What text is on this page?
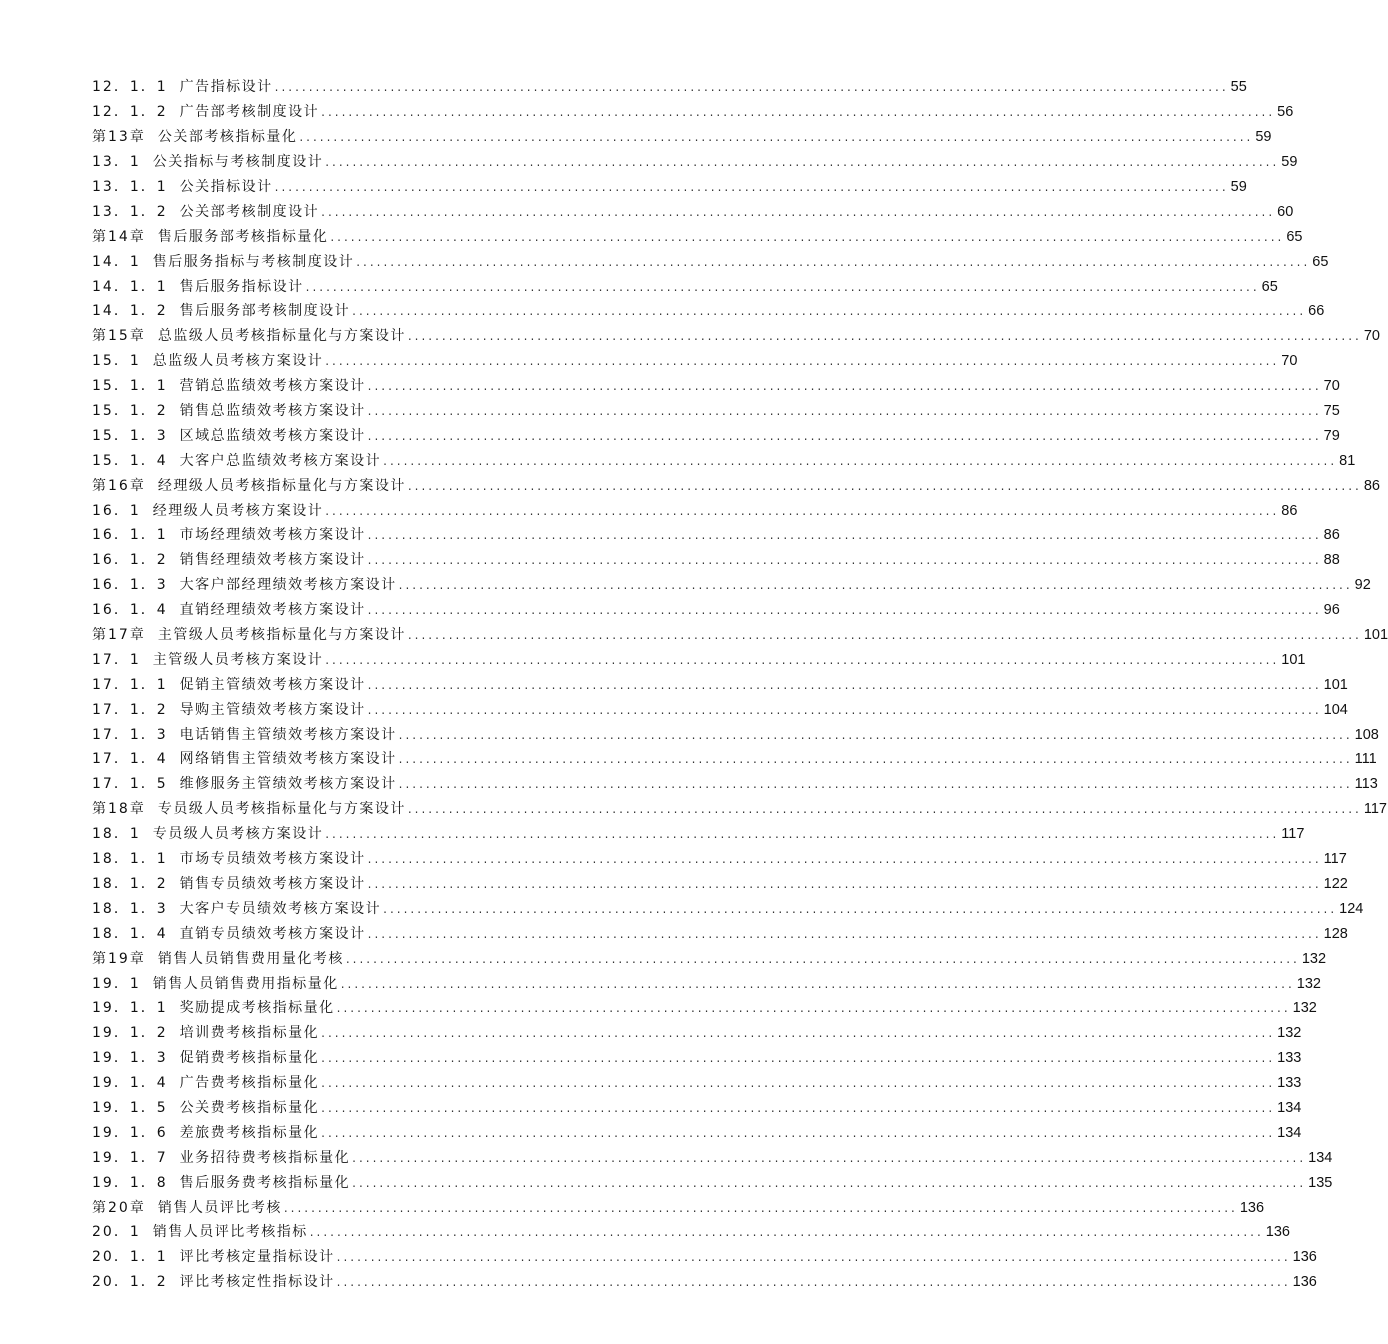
12．1．1 广告指标设计 ............................................................................................................................................ 55
12．1．2 广告部考核制度设计 ............................................................................................................................................ 56
第13章 公关部考核指标量化 ............................................................................................................................................ 59
13．1 公关指标与考核制度设计 ............................................................................................................................................ 59
13．1．1 公关指标设计 ............................................................................................................................................ 59
13．1．2 公关部考核制度设计 ............................................................................................................................................ 60
第14章 售后服务部考核指标量化 ............................................................................................................................................ 65
14．1 售后服务指标与考核制度设计 ............................................................................................................................................ 65
14．1．1 售后服务指标设计 ............................................................................................................................................ 65
14．1．2 售后服务部考核制度设计 ............................................................................................................................................ 66
第15章 总监级人员考核指标量化与方案设计 ............................................................................................................................................ 70
15．1 总监级人员考核方案设计 ............................................................................................................................................ 70
15．1．1 营销总监绩效考核方案设计 ............................................................................................................................................ 70
15．1．2 销售总监绩效考核方案设计 ............................................................................................................................................ 75
15．1．3 区域总监绩效考核方案设计 ............................................................................................................................................ 79
15．1．4 大客户总监绩效考核方案设计 ............................................................................................................................................ 81
第16章 经理级人员考核指标量化与方案设计 ............................................................................................................................................ 86
16．1 经理级人员考核方案设计 ............................................................................................................................................ 86
16．1．1 市场经理绩效考核方案设计 ............................................................................................................................................ 86
16．1．2 销售经理绩效考核方案设计 ............................................................................................................................................ 88
16．1．3 大客户部经理绩效考核方案设计 ............................................................................................................................................ 92
16．1．4 直销经理绩效考核方案设计 ............................................................................................................................................ 96
第17章 主管级人员考核指标量化与方案设计 ............................................................................................................................................ 101
17．1 主管级人员考核方案设计 ............................................................................................................................................ 101
17．1．1 促销主管绩效考核方案设计 ............................................................................................................................................ 101
17．1．2 导购主管绩效考核方案设计 ............................................................................................................................................ 104
17．1．3 电话销售主管绩效考核方案设计 ............................................................................................................................................ 108
17．1．4 网络销售主管绩效考核方案设计 ............................................................................................................................................ 111
17．1．5 维修服务主管绩效考核方案设计 ............................................................................................................................................ 113
第18章 专员级人员考核指标量化与方案设计 ............................................................................................................................................ 117
18．1 专员级人员考核方案设计 ............................................................................................................................................ 117
18．1．1 市场专员绩效考核方案设计 ............................................................................................................................................ 117
18．1．2 销售专员绩效考核方案设计 ............................................................................................................................................ 122
18．1．3 大客户专员绩效考核方案设计 ............................................................................................................................................ 124
18．1．4 直销专员绩效考核方案设计 ............................................................................................................................................ 128
第19章 销售人员销售费用量化考核 ............................................................................................................................................ 132
19．1 销售人员销售费用指标量化 ............................................................................................................................................ 132
19．1．1 奖励提成考核指标量化 ............................................................................................................................................ 132
19．1．2 培训费考核指标量化 ............................................................................................................................................ 132
19．1．3 促销费考核指标量化 ............................................................................................................................................ 133
19．1．4 广告费考核指标量化 ............................................................................................................................................ 133
19．1．5 公关费考核指标量化 ............................................................................................................................................ 134
19．1．6 差旅费考核指标量化 ............................................................................................................................................ 134
19．1．7 业务招待费考核指标量化 ............................................................................................................................................ 134
19．1．8 售后服务费考核指标量化 ............................................................................................................................................ 135
第20章 销售人员评比考核 ............................................................................................................................................ 136
20．1 销售人员评比考核指标 ............................................................................................................................................ 136
20．1．1 评比考核定量指标设计 ............................................................................................................................................ 136
20．1．2 评比考核定性指标设计 ............................................................................................................................................ 136
